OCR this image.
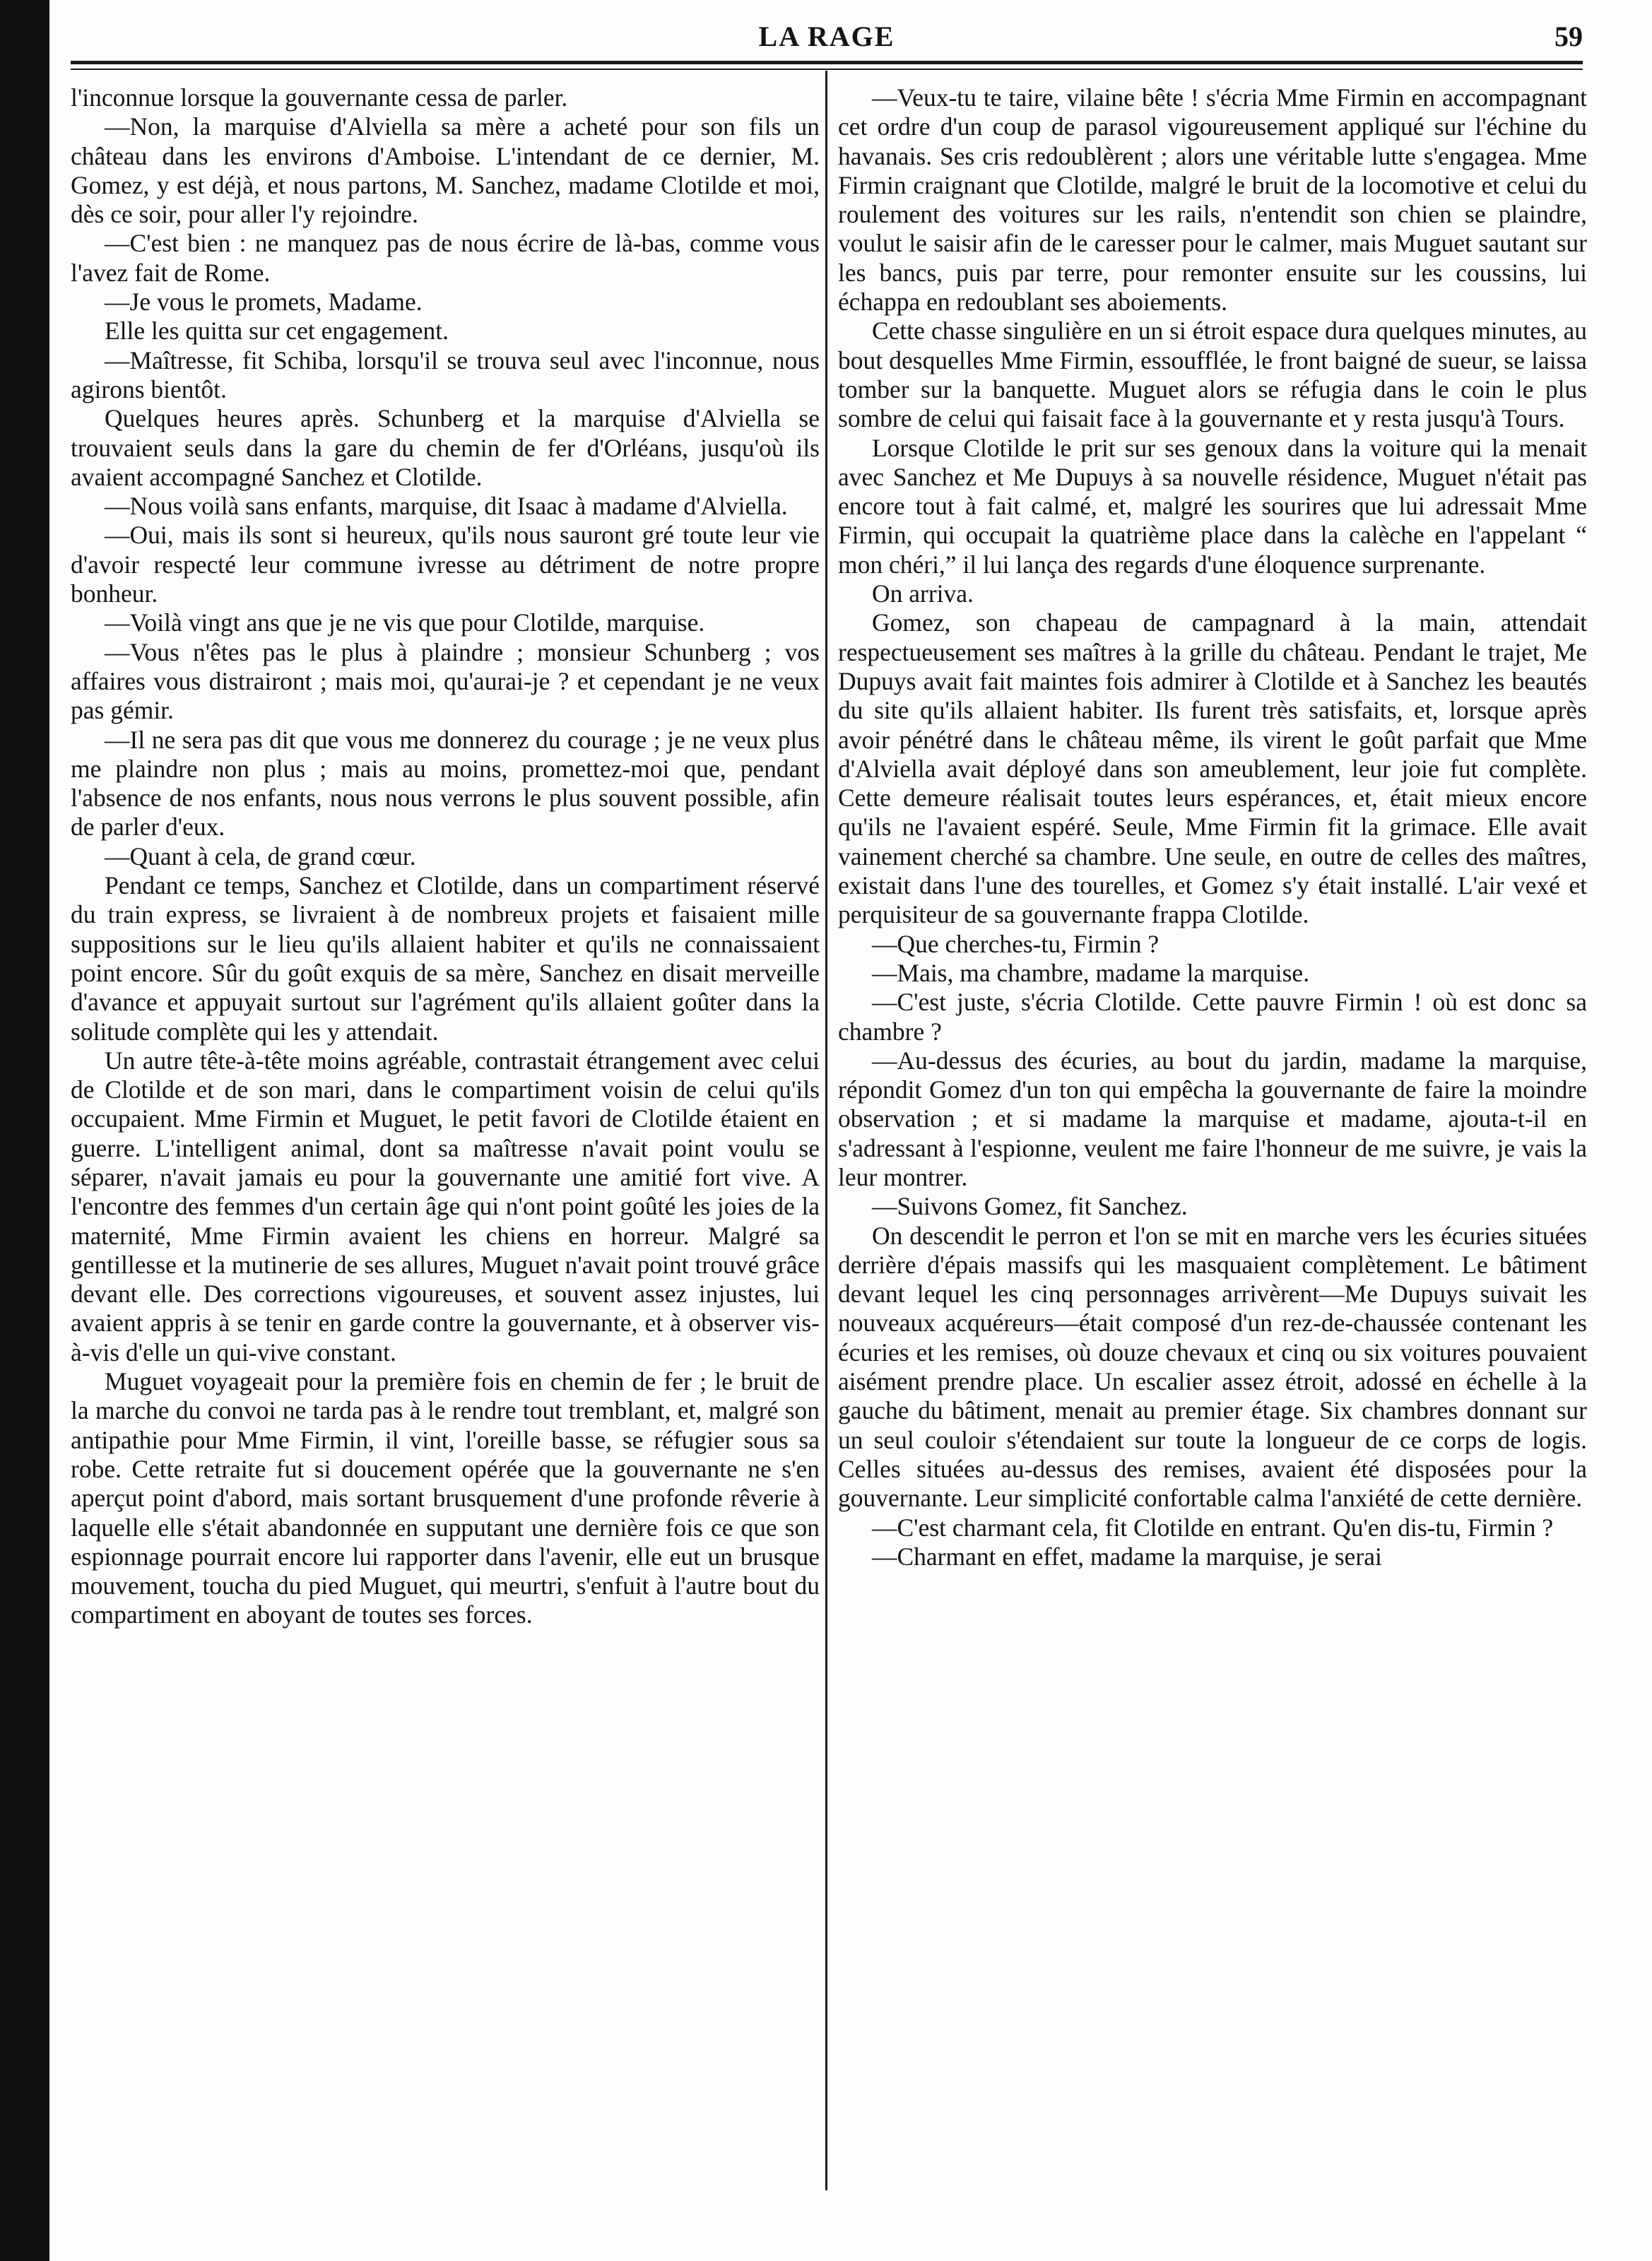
LA RAGE	59

l'inconnue lorsque la gouvernante cessa de parler.

—Non, la marquise d'Alviella sa mère a acheté pour son fils un château dans les environs d'Amboise. L'intendant de ce dernier, M. Gomez, y est déjà, et nous partons, M. Sanchez, madame Clotilde et moi, dès ce soir, pour aller l'y rejoindre.

—C'est bien : ne manquez pas de nous écrire de là-bas, comme vous l'avez fait de Rome.

—Je vous le promets, Madame.

Elle les quitta sur cet engagement.

—Maîtresse, fit Schiba, lorsqu'il se trouva seul avec l'inconnue, nous agirons bientôt.

Quelques heures après. Schunberg et la marquise d'Alviella se trouvaient seuls dans la gare du chemin de fer d'Orléans, jusqu'où ils avaient accompagné Sanchez et Clotilde.

—Nous voilà sans enfants, marquise, dit Isaac à madame d'Alviella.

—Oui, mais ils sont si heureux, qu'ils nous sauront gré toute leur vie d'avoir respecté leur commune ivresse au détriment de notre propre bonheur.

—Voilà vingt ans que je ne vis que pour Clotilde, marquise.

—Vous n'êtes pas le plus à plaindre ; monsieur Schunberg ; vos affaires vous distrairont ; mais moi, qu'aurai-je ? et cependant je ne veux pas gémir.

—Il ne sera pas dit que vous me donnerez du courage ; je ne veux plus me plaindre non plus ; mais au moins, promettez-moi que, pendant l'absence de nos enfants, nous nous verrons le plus souvent possible, afin de parler d'eux.

—Quant à cela, de grand cœur.

Pendant ce temps, Sanchez et Clotilde, dans un compartiment réservé du train express, se livraient à de nombreux projets et faisaient mille suppositions sur le lieu qu'ils allaient habiter et qu'ils ne connaissaient point encore. Sûr du goût exquis de sa mère, Sanchez en disait merveille d'avance et appuyait surtout sur l'agrément qu'ils allaient goûter dans la solitude complète qui les y attendait.

Un autre tête-à-tête moins agréable, contrastait étrangement avec celui de Clotilde et de son mari, dans le compartiment voisin de celui qu'ils occupaient. Mme Firmin et Muguet, le petit favori de Clotilde étaient en guerre. L'intelligent animal, dont sa maîtresse n'avait point voulu se séparer, n'avait jamais eu pour la gouvernante une amitié fort vive. A l'encontre des femmes d'un certain âge qui n'ont point goûté les joies de la maternité, Mme Firmin avaient les chiens en horreur. Malgré sa gentillesse et la mutinerie de ses allures, Muguet n'avait point trouvé grâce devant elle. Des corrections vigoureuses, et souvent assez injustes, lui avaient appris à se tenir en garde contre la gouvernante, et à observer vis-à-vis d'elle un qui-vive constant.

Muguet voyageait pour la première fois en chemin de fer ; le bruit de la marche du convoi ne tarda pas à le rendre tout tremblant, et, malgré son antipathie pour Mme Firmin, il vint, l'oreille basse, se réfugier sous sa robe. Cette retraite fut si doucement opérée que la gouvernante ne s'en aperçut point d'abord, mais sortant brusquement d'une profonde rêverie à laquelle elle s'était abandonnée en supputant une dernière fois ce que son espionnage pourrait encore lui rapporter dans l'avenir, elle eut un brusque mouvement, toucha du pied Muguet, qui meurtri, s'enfuit à l'autre bout du compartiment en aboyant de toutes ses forces.

—Veux-tu te taire, vilaine bête ! s'écria Mme Firmin en accompagnant cet ordre d'un coup de parasol vigoureusement appliqué sur l'échine du havanais. Ses cris redoublèrent ; alors une véritable lutte s'engagea. Mme Firmin craignant que Clotilde, malgré le bruit de la locomotive et celui du roulement des voitures sur les rails, n'entendit son chien se plaindre, voulut le saisir afin de le caresser pour le calmer, mais Muguet sautant sur les bancs, puis par terre, pour remonter ensuite sur les coussins, lui échappa en redoublant ses aboiements.

Cette chasse singulière en un si étroit espace dura quelques minutes, au bout desquelles Mme Firmin, essoufflée, le front baigné de sueur, se laissa tomber sur la banquette. Muguet alors se réfugia dans le coin le plus sombre de celui qui faisait face à la gouvernante et y resta jusqu'à Tours.

Lorsque Clotilde le prit sur ses genoux dans la voiture qui la menait avec Sanchez et Me Dupuys à sa nouvelle résidence, Muguet n'était pas encore tout à fait calmé, et, malgré les sourires que lui adressait Mme Firmin, qui occupait la quatrième place dans la calèche en l'appelant “ mon chéri,” il lui lança des regards d'une éloquence surprenante.

On arriva.

Gomez, son chapeau de campagnard à la main, attendait respectueusement ses maîtres à la grille du château. Pendant le trajet, Me Dupuys avait fait maintes fois admirer à Clotilde et à Sanchez les beautés du site qu'ils allaient habiter. Ils furent très satisfaits, et, lorsque après avoir pénétré dans le château même, ils virent le goût parfait que Mme d'Alviella avait déployé dans son ameublement, leur joie fut complète. Cette demeure réalisait toutes leurs espérances, et, était mieux encore qu'ils ne l'avaient espéré. Seule, Mme Firmin fit la grimace. Elle avait vainement cherché sa chambre. Une seule, en outre de celles des maîtres, existait dans l'une des tourelles, et Gomez s'y était installé. L'air vexé et perquisiteur de sa gouvernante frappa Clotilde.

—Que cherches-tu, Firmin ?

—Mais, ma chambre, madame la marquise.

—C'est juste, s'écria Clotilde. Cette pauvre Firmin ! où est donc sa chambre ?

—Au-dessus des écuries, au bout du jardin, madame la marquise, répondit Gomez d'un ton qui empêcha la gouvernante de faire la moindre observation ; et si madame la marquise et madame, ajouta-t-il en s'adressant à l'espionne, veulent me faire l'honneur de me suivre, je vais la leur montrer.

—Suivons Gomez, fit Sanchez.

On descendit le perron et l'on se mit en marche vers les écuries situées derrière d'épais massifs qui les masquaient complètement. Le bâtiment devant lequel les cinq personnages arrivèrent—Me Dupuys suivait les nouveaux acquéreurs—était composé d'un rez-de-chaussée contenant les écuries et les remises, où douze chevaux et cinq ou six voitures pouvaient aisément prendre place. Un escalier assez étroit, adossé en échelle à la gauche du bâtiment, menait au premier étage. Six chambres donnant sur un seul couloir s'étendaient sur toute la longueur de ce corps de logis. Celles situées au-dessus des remises, avaient été disposées pour la gouvernante. Leur simplicité confortable calma l'anxiété de cette dernière.

—C'est charmant cela, fit Clotilde en entrant. Qu'en dis-tu, Firmin ?

—Charmant en effet, madame la marquise, je serai
